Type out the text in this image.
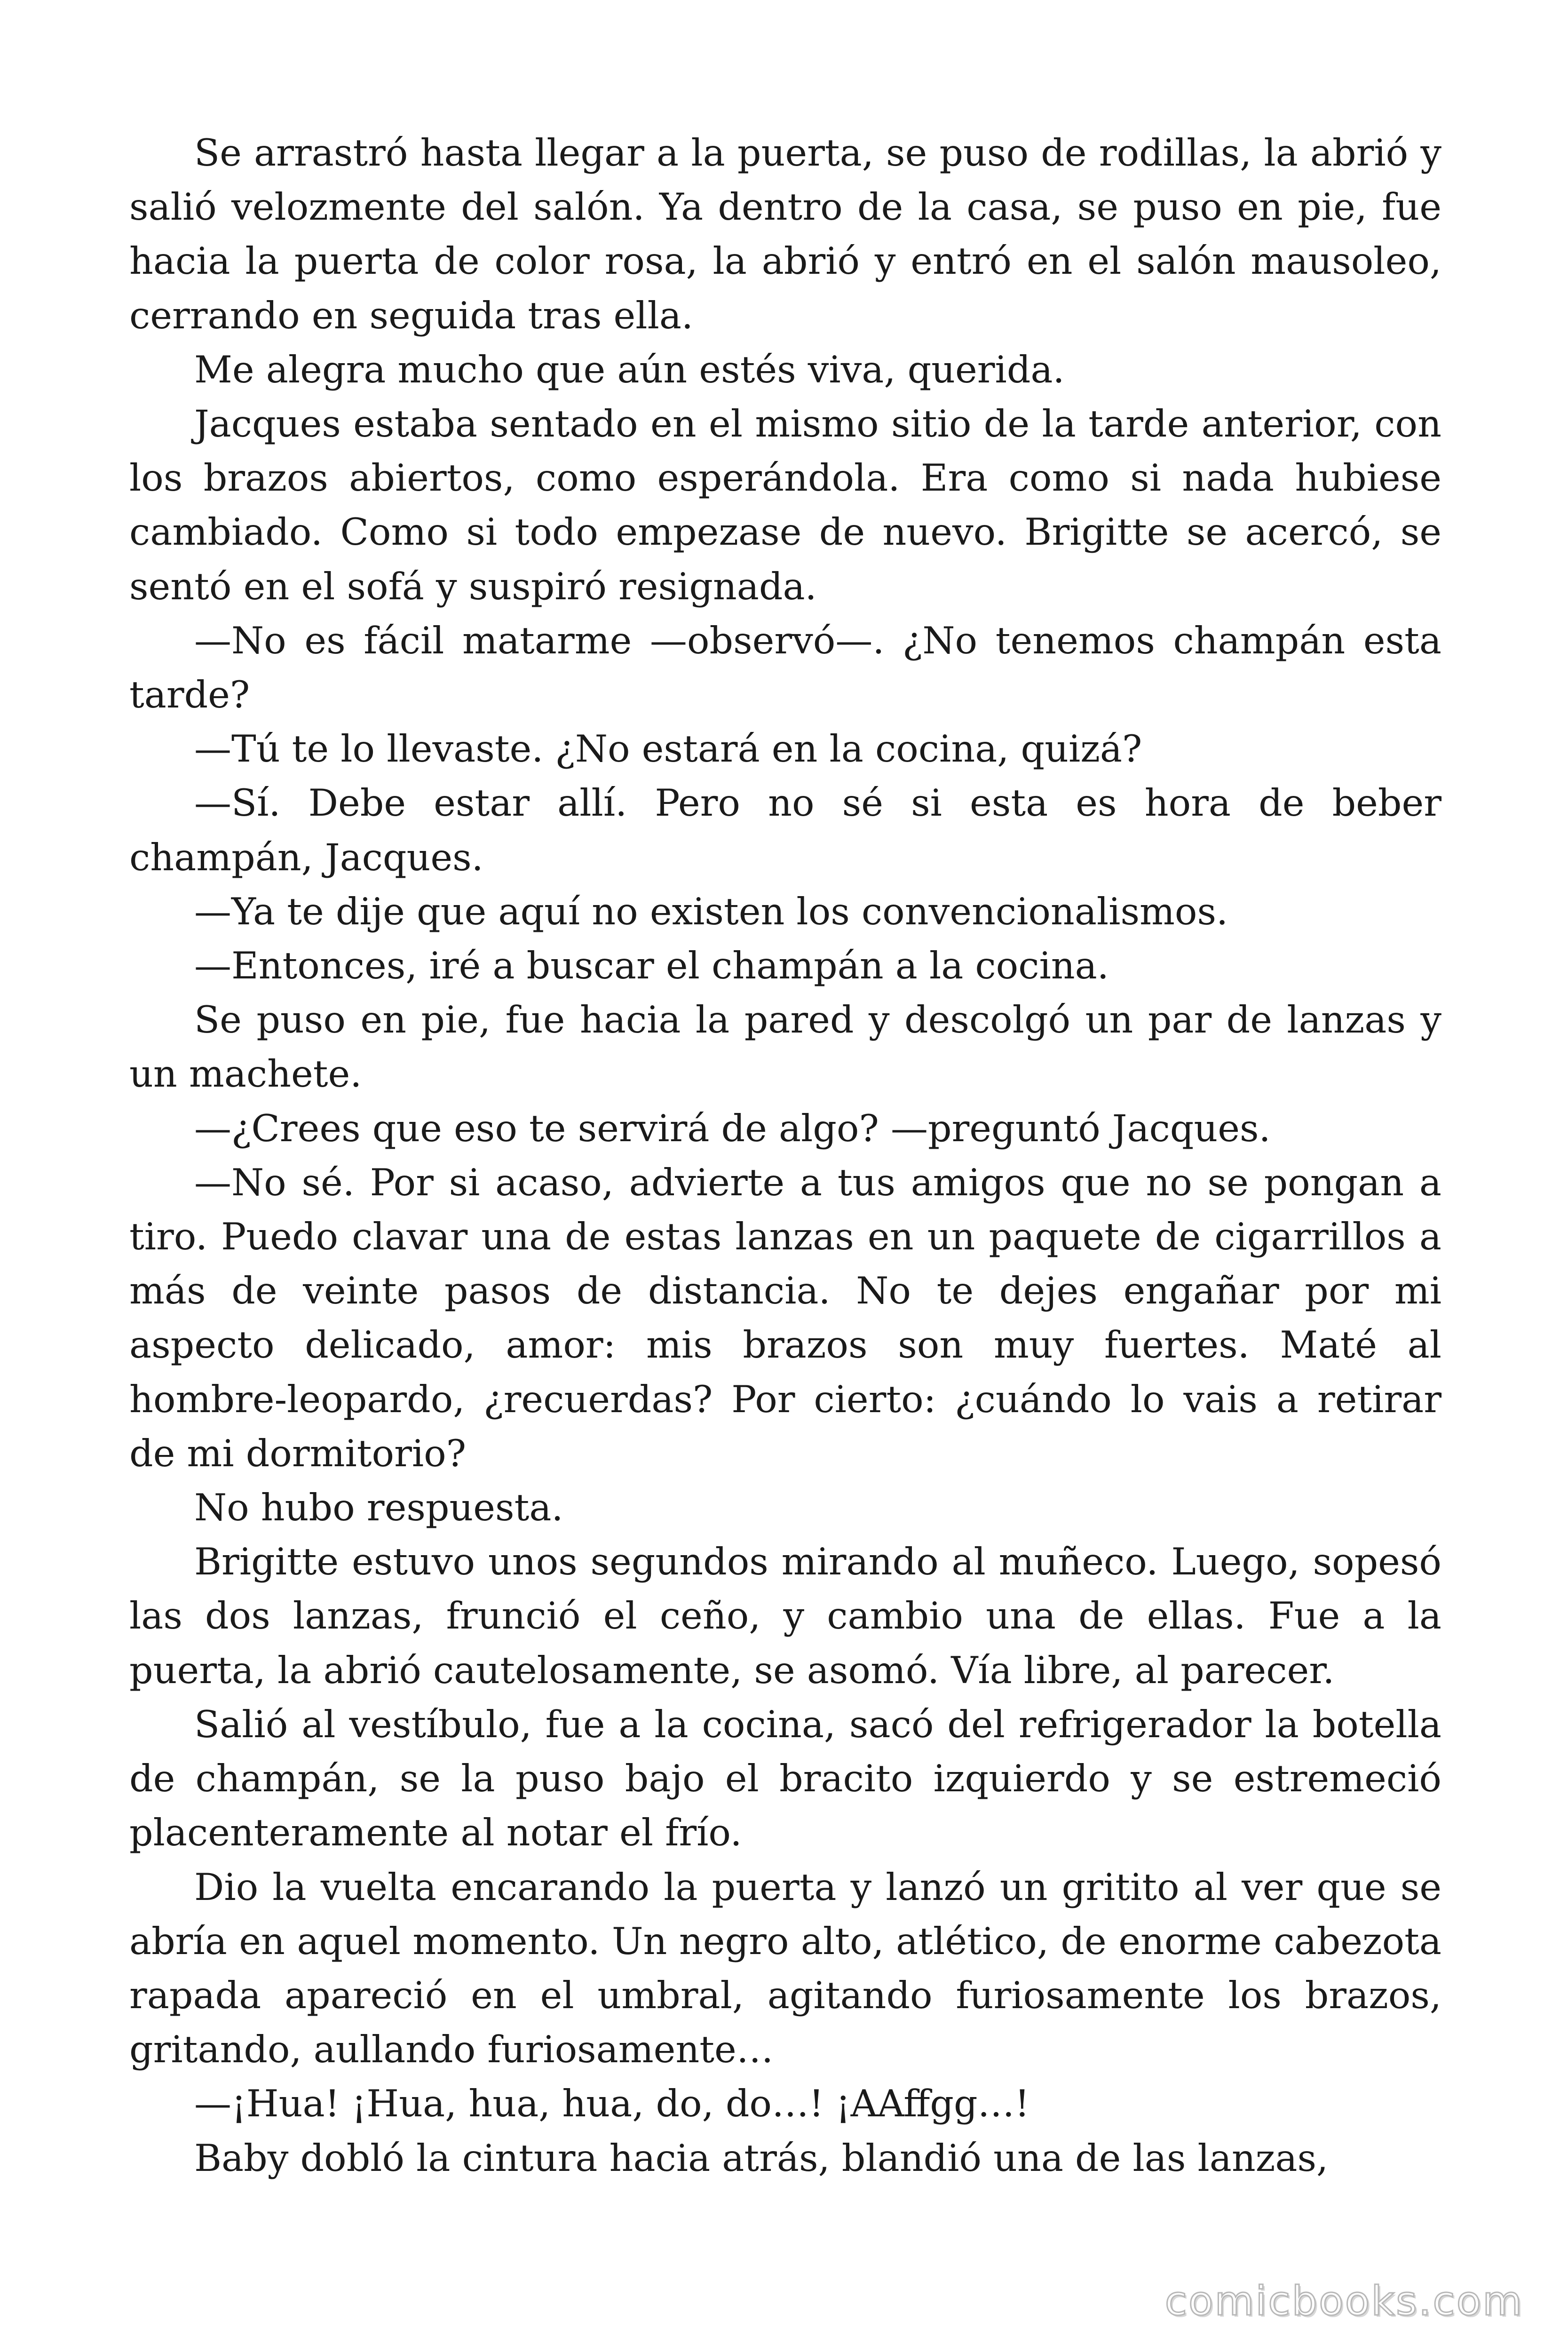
Se arrastró hasta llegar a la puerta, se puso de rodillas, la abrió y salió velozmente del salón. Ya dentro de la casa, se puso en pie, fue hacia la puerta de color rosa, la abrió y entró en el salón mausoleo, cerrando en seguida tras ella.

Me alegra mucho que aún estés viva, querida.

Jacques estaba sentado en el mismo sitio de la tarde anterior, con los brazos abiertos, como esperándola. Era como si nada hubiese cambiado. Como si todo empezase de nuevo. Brigitte se acercó, se sentó en el sofá y suspiró resignada.

—No es fácil matarme —observó—. ¿No tenemos champán esta tarde?

—Tú te lo llevaste. ¿No estará en la cocina, quizá?

—Sí. Debe estar allí. Pero no sé si esta es hora de beber champán, Jacques.

—Ya te dije que aquí no existen los convencionalismos.

—Entonces, iré a buscar el champán a la cocina.

Se puso en pie, fue hacia la pared y descolgó un par de lanzas y un machete.

—¿Crees que eso te servirá de algo? —preguntó Jacques.

—No sé. Por si acaso, advierte a tus amigos que no se pongan a tiro. Puedo clavar una de estas lanzas en un paquete de cigarrillos a más de veinte pasos de distancia. No te dejes engañar por mi aspecto delicado, amor: mis brazos son muy fuertes. Maté al hombre-leopardo, ¿recuerdas? Por cierto: ¿cuándo lo vais a retirar de mi dormitorio?

No hubo respuesta.

Brigitte estuvo unos segundos mirando al muñeco. Luego, sopesó las dos lanzas, frunció el ceño, y cambio una de ellas. Fue a la puerta, la abrió cautelosamente, se asomó. Vía libre, al parecer.

Salió al vestíbulo, fue a la cocina, sacó del refrigerador la botella de champán, se la puso bajo el bracito izquierdo y se estremeció placenteramente al notar el frío.

Dio la vuelta encarando la puerta y lanzó un gritito al ver que se abría en aquel momento. Un negro alto, atlético, de enorme cabezota rapada apareció en el umbral, agitando furiosamente los brazos, gritando, aullando furiosamente…

—¡Hua! ¡Hua, hua, hua, do, do…! ¡AAffgg…!

Baby dobló la cintura hacia atrás, blandió una de las lanzas,

comicbooks.com
